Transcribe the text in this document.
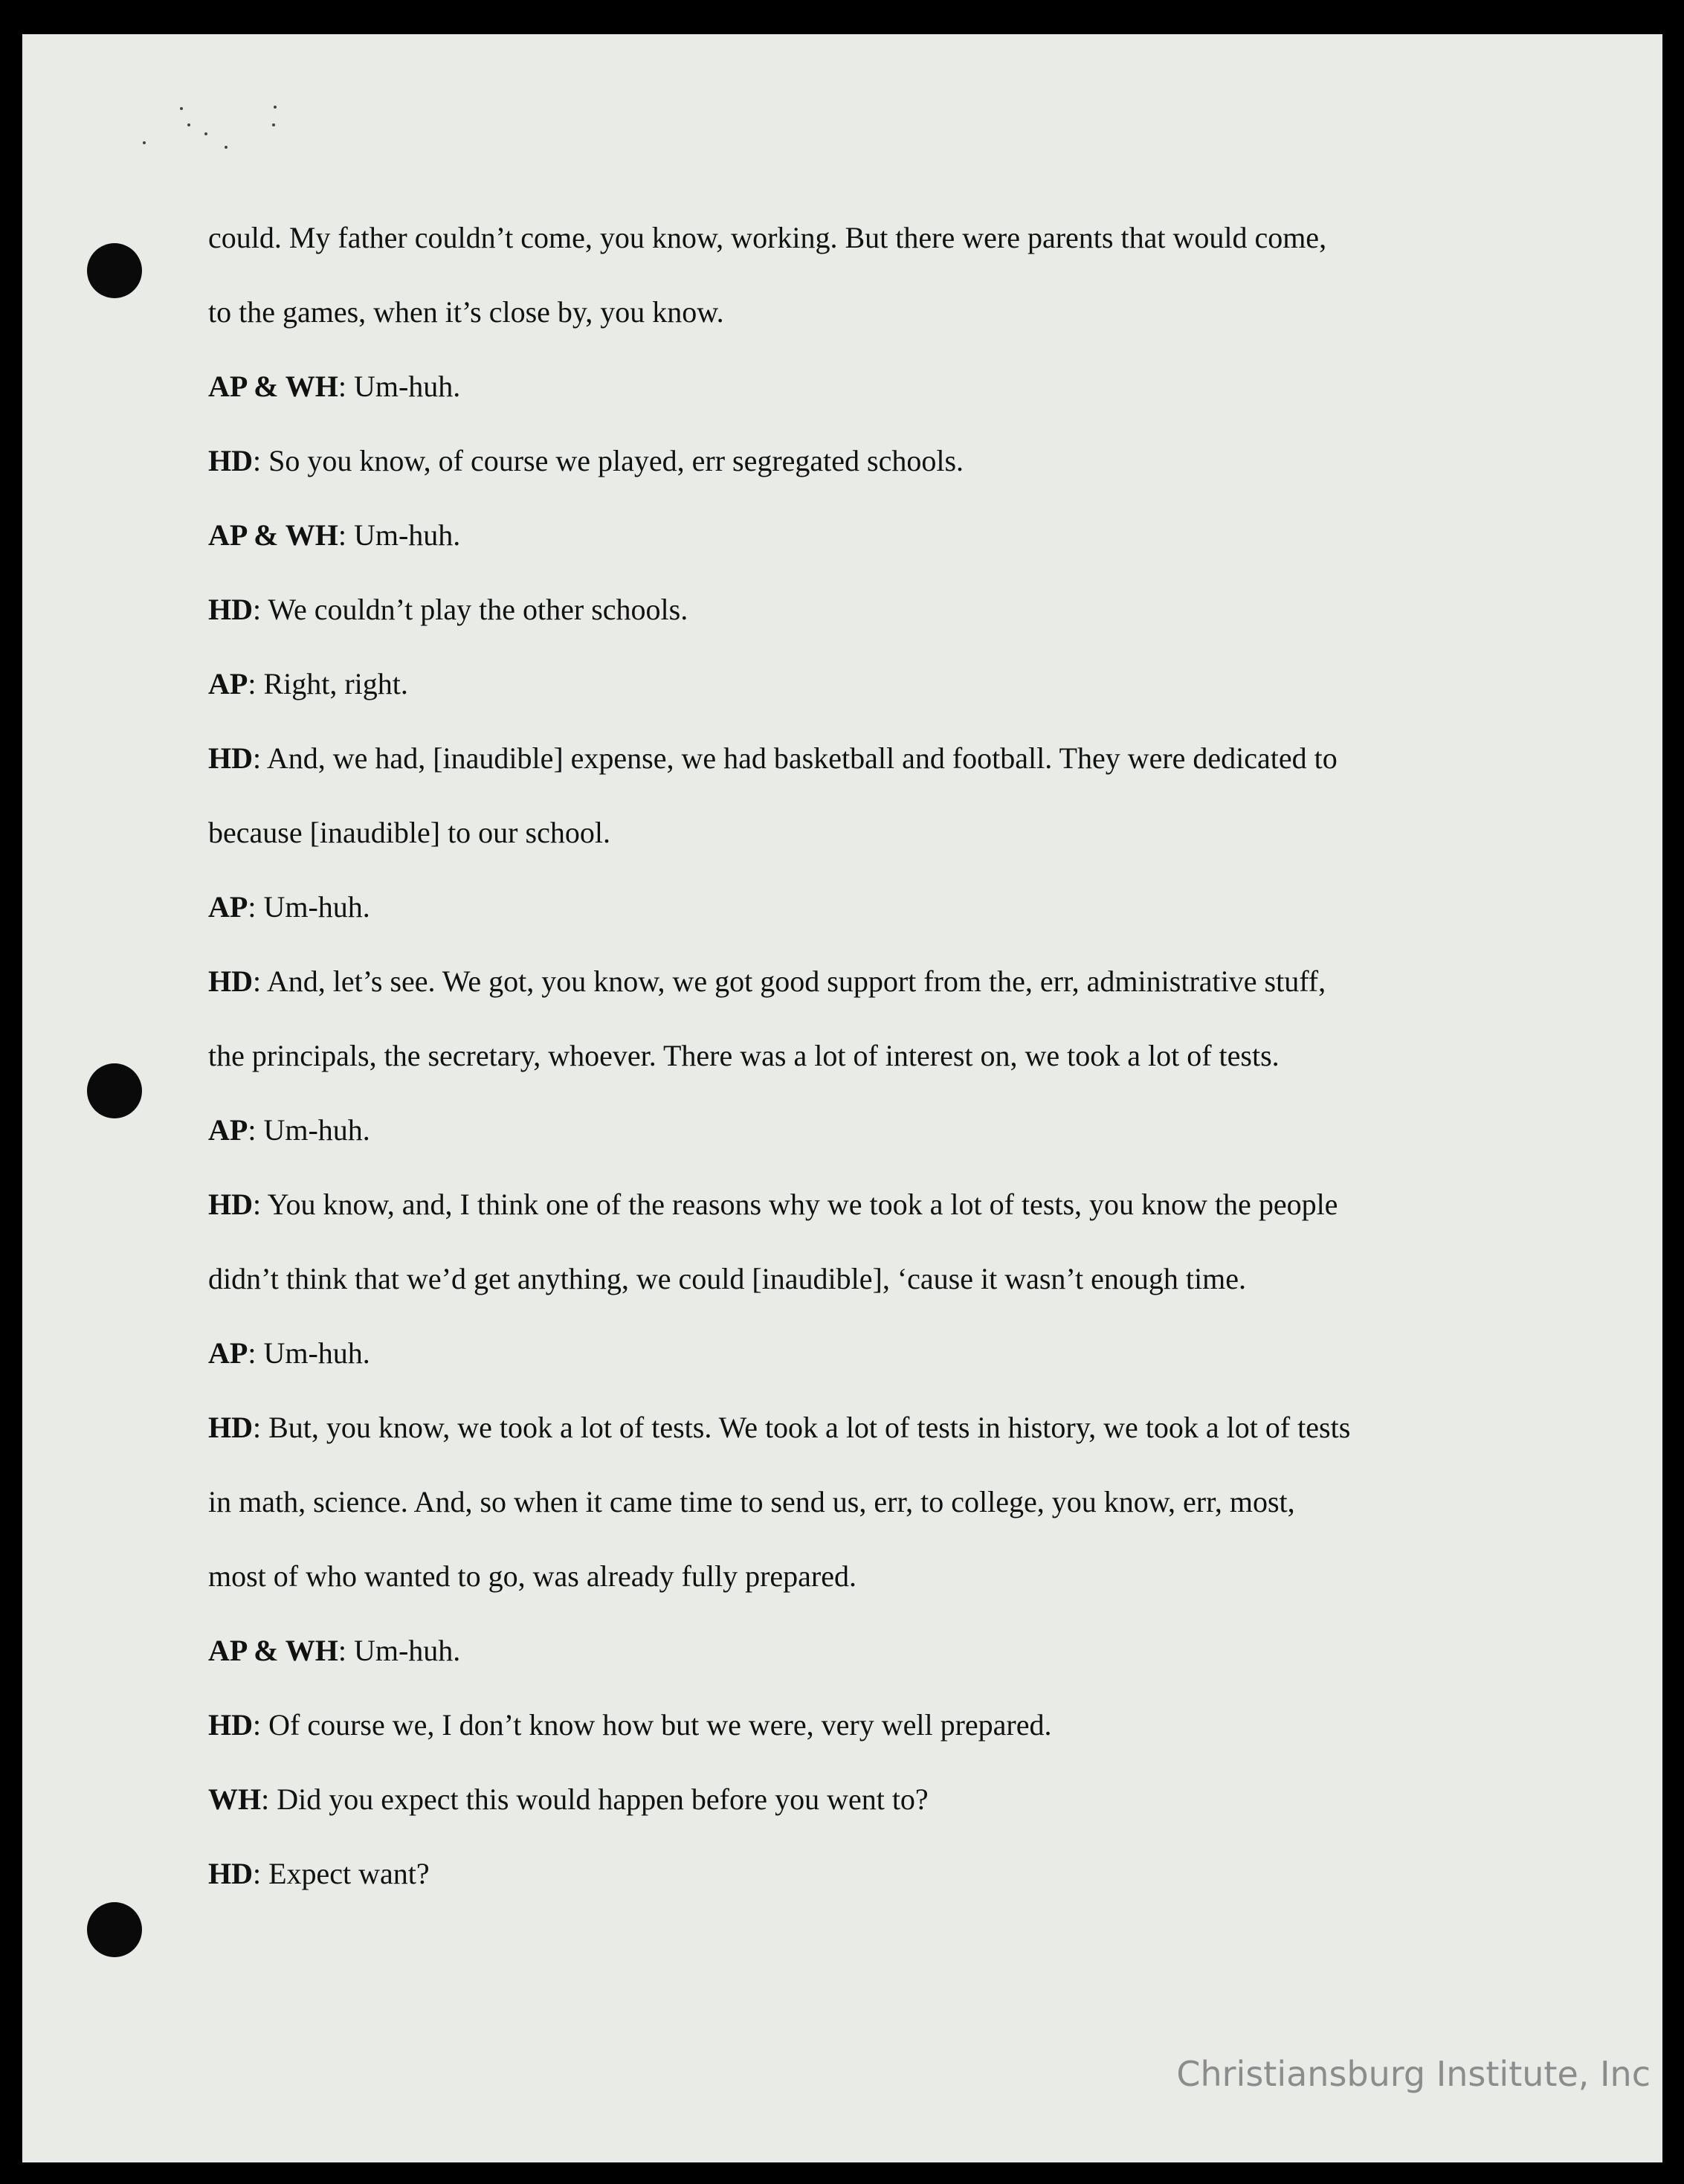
could. My father couldn’t come, you know, working. But there were parents that would come,
to the games, when it’s close by, you know.
AP & WH: Um-huh.
HD: So you know, of course we played, err segregated schools.
AP & WH: Um-huh.
HD: We couldn’t play the other schools.
AP: Right, right.
HD: And, we had, [inaudible] expense, we had basketball and football. They were dedicated to
because [inaudible] to our school.
AP: Um-huh.
HD: And, let’s see. We got, you know, we got good support from the, err, administrative stuff,
the principals, the secretary, whoever. There was a lot of interest on, we took a lot of tests.
AP: Um-huh.
HD: You know, and, I think one of the reasons why we took a lot of tests, you know the people
didn’t think that we’d get anything, we could [inaudible], ‘cause it wasn’t enough time.
AP: Um-huh.
HD: But, you know, we took a lot of tests. We took a lot of tests in history, we took a lot of tests
in math, science. And, so when it came time to send us, err, to college, you know, err, most,
most of who wanted to go, was already fully prepared.
AP & WH: Um-huh.
HD: Of course we, I don’t know how but we were, very well prepared.
WH: Did you expect this would happen before you went to?
HD: Expect want?
Christiansburg Institute, Inc
